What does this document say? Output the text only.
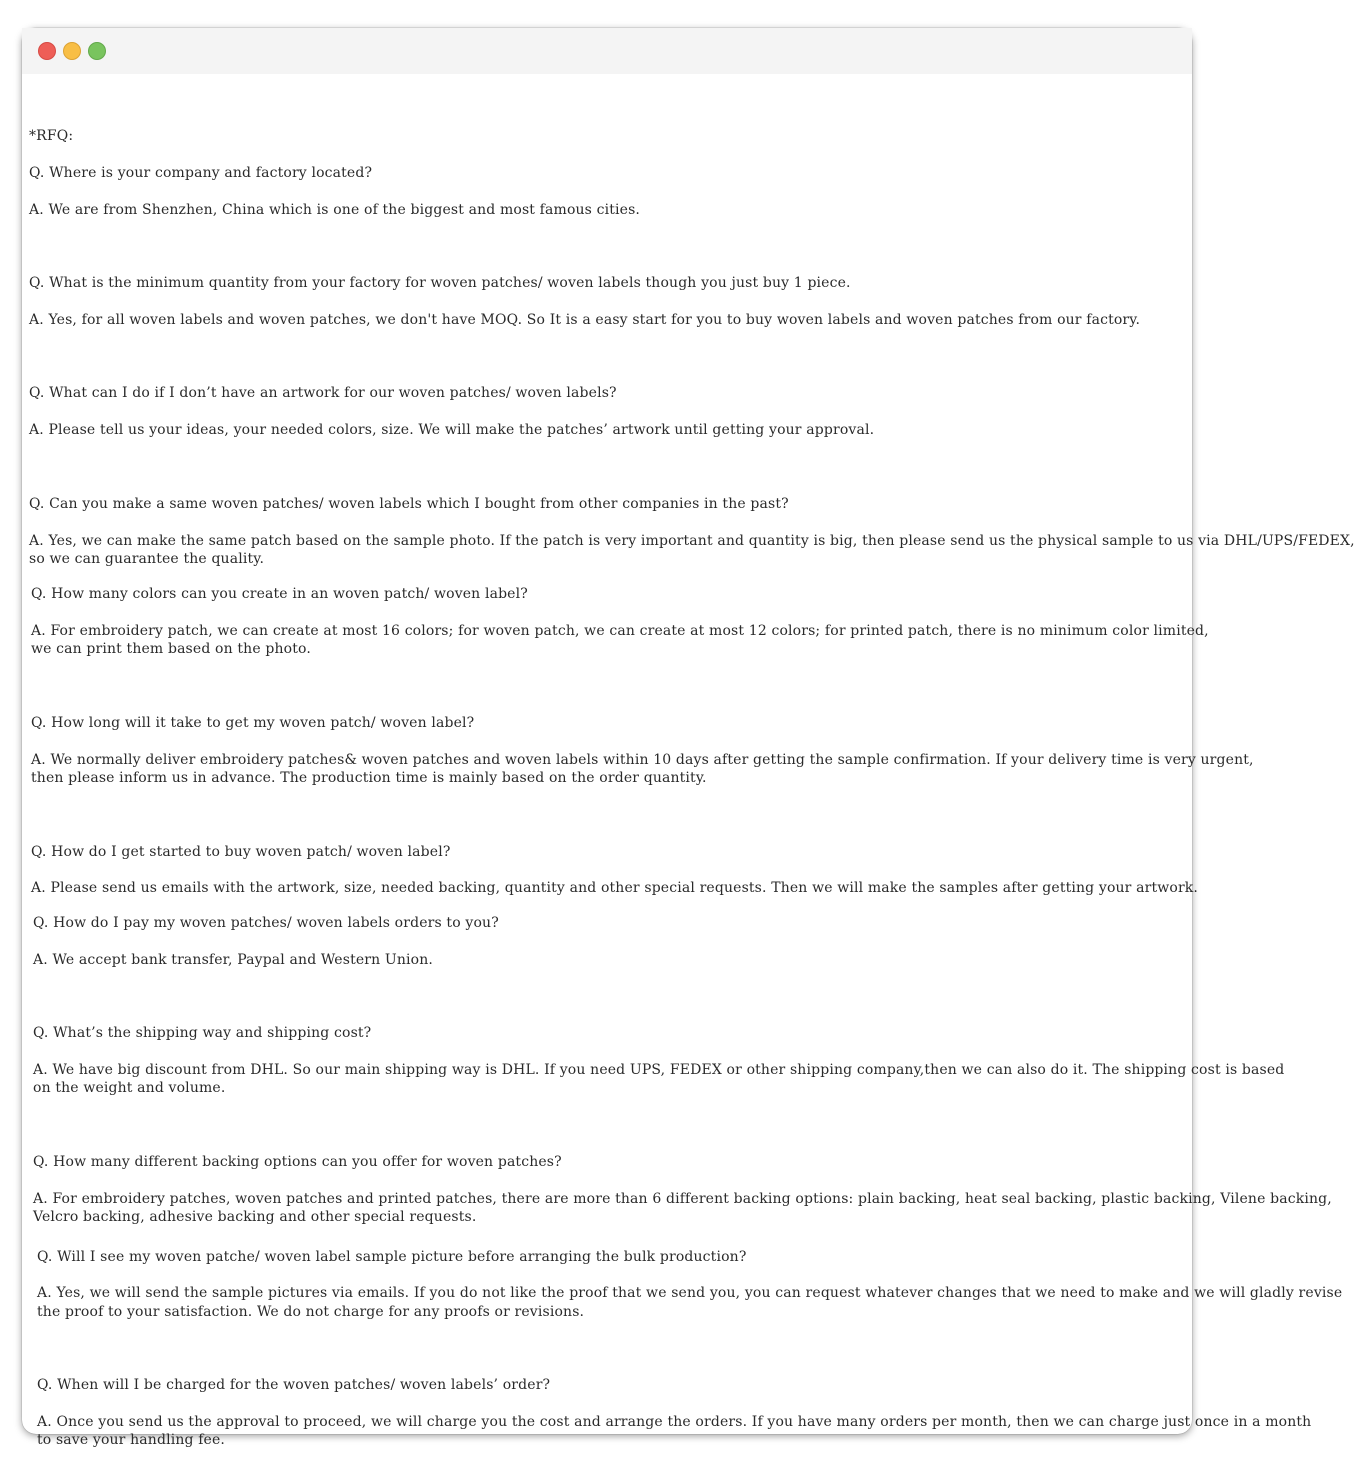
*RFQ:
Q. Where is your company and factory located?
A. We are from Shenzhen, China which is one of the biggest and most famous cities.
Q. What is the minimum quantity from your factory for woven patches/ woven labels though you just buy 1 piece.
A. Yes, for all woven labels and woven patches, we don't have MOQ. So It is a easy start for you to buy woven labels and woven patches from our factory.
Q. What can I do if I don’t have an artwork for our woven patches/ woven labels?
A. Please tell us your ideas, your needed colors, size. We will make the patches’ artwork until getting your approval.
Q. Can you make a same woven patches/ woven labels which I bought from other companies in the past?
A. Yes, we can make the same patch based on the sample photo. If the patch is very important and quantity is big, then please send us the physical sample to us via DHL/UPS/FEDEX,
so we can guarantee the quality.
Q. How many colors can you create in an woven patch/ woven label?
A. For embroidery patch, we can create at most 16 colors; for woven patch, we can create at most 12 colors; for printed patch, there is no minimum color limited,
we can print them based on the photo.
Q. How long will it take to get my woven patch/ woven label?
A. We normally deliver embroidery patches& woven patches and woven labels within 10 days after getting the sample confirmation. If your delivery time is very urgent,
then please inform us in advance. The production time is mainly based on the order quantity.
Q. How do I get started to buy woven patch/ woven label?
A. Please send us emails with the artwork, size, needed backing, quantity and other special requests. Then we will make the samples after getting your artwork.
Q. How do I pay my woven patches/ woven labels orders to you?
A. We accept bank transfer, Paypal and Western Union.
Q. What’s the shipping way and shipping cost?
A. We have big discount from DHL. So our main shipping way is DHL. If you need UPS, FEDEX or other shipping company,then we can also do it. The shipping cost is based
on the weight and volume.
Q. How many different backing options can you offer for woven patches?
A. For embroidery patches, woven patches and printed patches, there are more than 6 different backing options: plain backing, heat seal backing, plastic backing, Vilene backing,
Velcro backing, adhesive backing and other special requests.
Q. Will I see my woven patche/ woven label sample picture before arranging the bulk production?
A. Yes, we will send the sample pictures via emails. If you do not like the proof that we send you, you can request whatever changes that we need to make and we will gladly revise
the proof to your satisfaction. We do not charge for any proofs or revisions.
Q. When will I be charged for the woven patches/ woven labels’ order?
A. Once you send us the approval to proceed, we will charge you the cost and arrange the orders. If you have many orders per month, then we can charge just once in a month
to save your handling fee.
